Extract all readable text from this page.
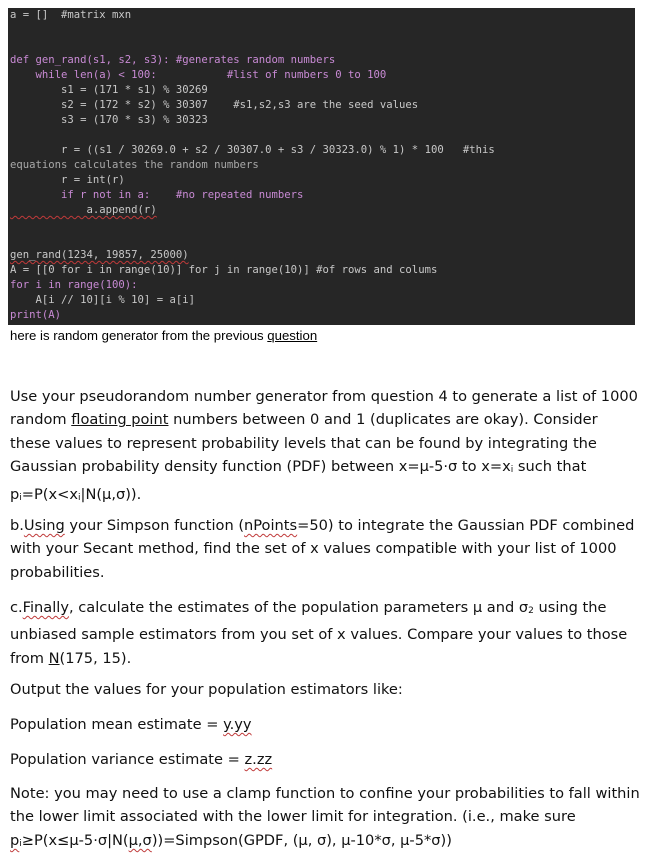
a = []  #matrix mxn
def gen_rand(s1, s2, s3): #generates random numbers
while len(a) < 100:           #list of numbers 0 to 100
s1 = (171 * s1) % 30269
s2 = (172 * s2) % 30307    #s1,s2,s3 are the seed values
s3 = (170 * s3) % 30323
r = ((s1 / 30269.0 + s2 / 30307.0 + s3 / 30323.0) % 1) * 100   #this
equations calculates the random numbers
r = int(r)
if r not in a:    #no repeated numbers
a.append(r)
gen_rand(1234, 19857, 25000)
A = [[0 for i in range(10)] for j in range(10)] #of rows and colums
for i in range(100):
A[i // 10][i % 10] = a[i]
print(A)
here is random generator from the previous question
Use your pseudorandom number generator from question 4 to generate a list of 1000 random floating point numbers between 0 and 1 (duplicates are okay). Consider these values to represent probability levels that can be found by integrating the Gaussian probability density function (PDF) between x=μ-5·σ to $x=x_i$ such that $p_i=P(x<x_i|N(\mu,\sigma))$.
b.Using your Simpson function (nPoints=50) to integrate the Gaussian PDF combined with your Secant method, find the set of x values compatible with your list of 1000 probabilities.
c.Finally, calculate the estimates of the population parameters μ and $\sigma_2$ using the unbiased sample estimators from you set of x values. Compare your values to those from N(175, 15).
Output the values for your population estimators like:
Population mean estimate = y.yy
Population variance estimate = z.zz
Note: you may need to use a clamp function to confine your probabilities to fall within the lower limit associated with the lower limit for integration. (i.e., make sure $p_i\ge P(x\le\mu-5\cdot\sigma|N(\mu,\sigma))=Simpson(GPDF$, (μ, σ), μ-10*σ, μ-5*σ))
